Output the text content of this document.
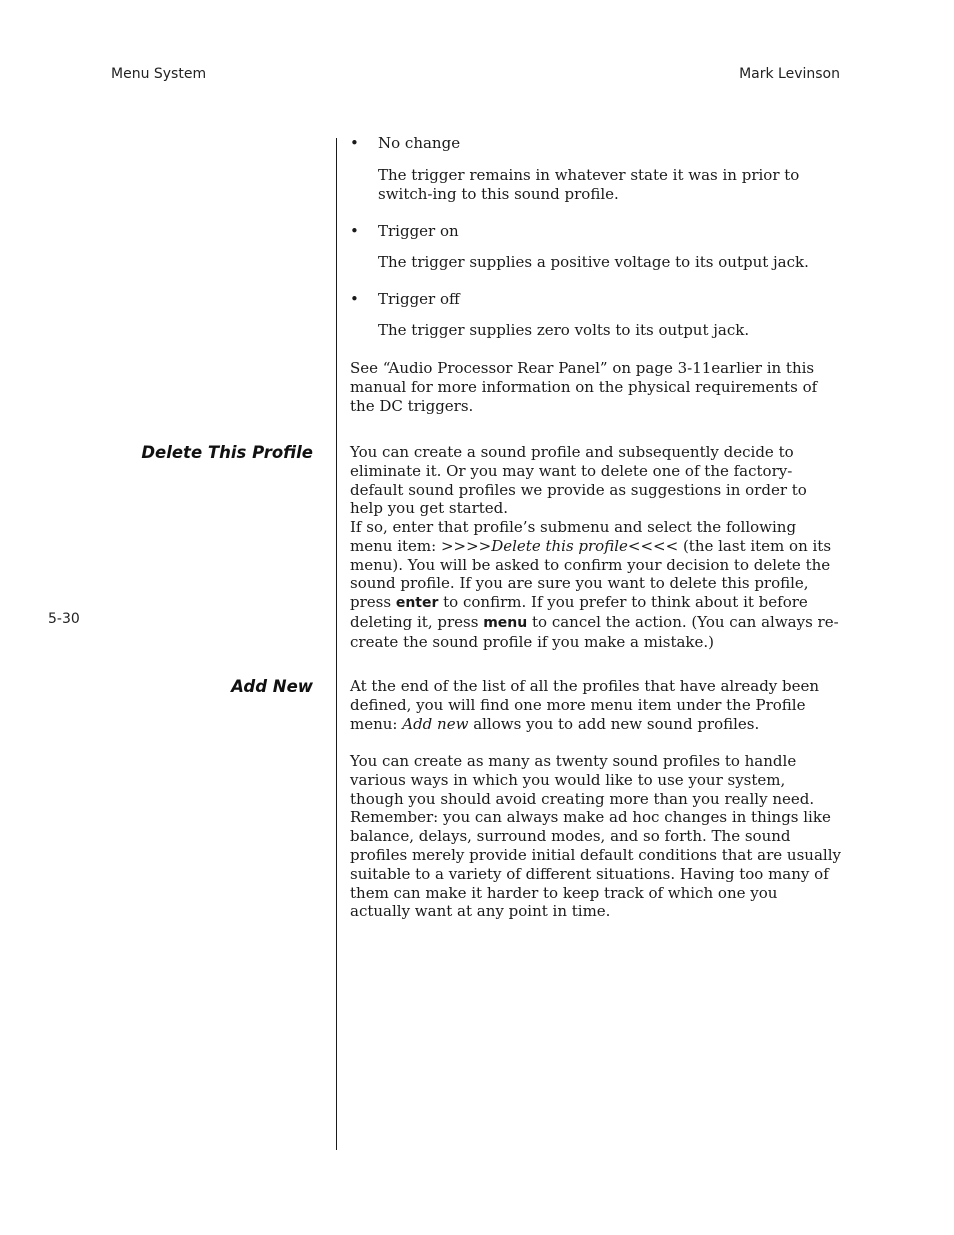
Menu System	Mark Levinson
5-30
• No change

The trigger remains in whatever state it was in prior to switch-ing to this sound profile.

• Trigger on

The trigger supplies a positive voltage to its output jack.

• Trigger off

The trigger supplies zero volts to its output jack.

See “Audio Processor Rear Panel” on page 3-11earlier in this manual for more information on the physical requirements of the DC triggers.

Delete This Profile You can create a sound profile and subsequently decide to eliminate it. Or you may want to delete one of the factory-default sound profiles we provide as suggestions in order to help you get started.

If so, enter that profile’s submenu and select the following menu item: >>>>Delete this profile<<<< (the last item on its menu). You will be asked to confirm your decision to delete the sound profile. If you are sure you want to delete this profile, press enter to confirm. If you prefer to think about it before deleting it, press menu to cancel the action. (You can always re-create the sound profile if you make a mistake.)

Add New At the end of the list of all the profiles that have already been defined, you will find one more menu item under the Profile menu: Add new allows you to add new sound profiles.

You can create as many as twenty sound profiles to handle various ways in which you would like to use your system, though you should avoid creating more than you really need. Remember: you can always make ad hoc changes in things like balance, delays, surround modes, and so forth. The sound profiles merely provide initial default conditions that are usually suitable to a variety of different situations. Having too many of them can make it harder to keep track of which one you actually want at any point in time.
